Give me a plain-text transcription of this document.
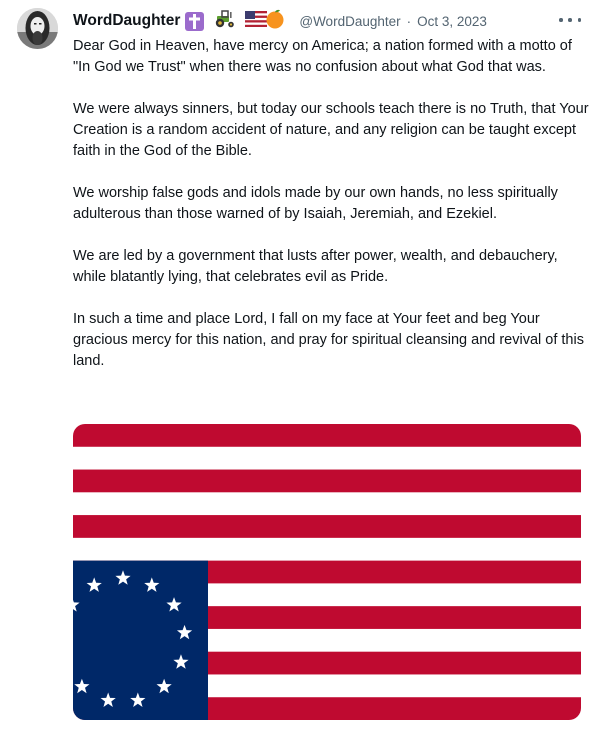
WordDaughter	@WordDaughter · Oct 3, 2023

Dear God in Heaven, have mercy on America; a nation formed with a motto of "In God we Trust" when there was no confusion about what God that was.

We were always sinners, but today our schools teach there is no Truth, that Your Creation is a random accident of nature, and any religion can be taught except faith in the God of the Bible.

We worship false gods and idols made by our own hands, no less spiritually adulterous than those warned of by Isaiah, Jeremiah, and Ezekiel.

We are led by a government that lusts after power, wealth, and debauchery, while blatantly lying, that celebrates evil as Pride.

In such a time and place Lord, I fall on my face at Your feet and beg Your gracious mercy for this nation, and pray for spiritual cleansing and revival of this land.
